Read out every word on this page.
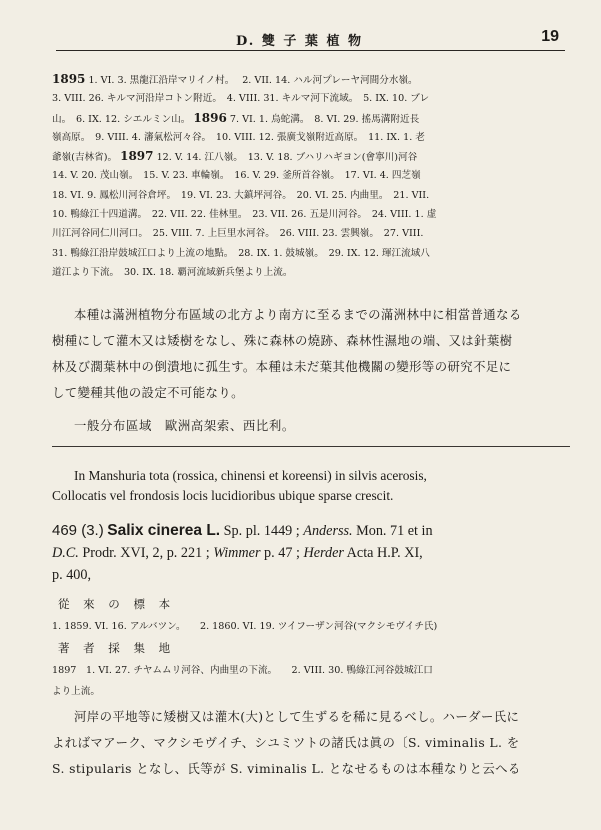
D. 雙 子 葉 植 物	19
1895 1. VI. 3. 黒龍江沿岸マリイノ村。　 2. VII. 14. ハル河プレーヤ河間分水嶺。
3. VIII. 26. キルマ河沿岸コトン附近。　4. VIII. 31. キルマ河下流域。　5. IX. 10. ブレ
山。　6. IX. 12. シエルミン山。 1896 7. VI. 1. 烏蛇溝。　8. VI. 29. 搖馬溝附近長
嶺高原。　9. VIII. 4. 瀋氣松河々谷。　10. VIII. 12. 張廣戈嶺附近高原。　11. IX. 1. 老
爺嶺(吉林省)。 1897 12. V. 14. 江八嶺。　13. V. 18. ブハリハギヨン(會寧川)河谷
14. V. 20. 茂山嶺。　15. V. 23. 車輪嶺。　16. V. 29. 釜所首谷嶺。　17. VI. 4. 四芝嶺
18. VI. 9. 鳳松川河谷倉坪。　19. VI. 23. 大鎮坪河谷。　20. VI. 25. 内曲里。　21. VII.
10. 鴨綠江十四道溝。　22. VII. 22. 佳林里。　23. VII. 26. 五是川河谷。　24. VIII. 1. 虚
川江河谷同仁川河口。　25. VIII. 7. 上巨里水河谷。　26. VIII. 23. 雲興嶺。　27. VIII.
31. 鴨綠江沿岸鼓城江口より上流の地點。　28. IX. 1. 鼓城嶺。　29. IX. 12. 琿江流域八
道江より下流。　30. IX. 18. 覇河流域新兵堡より上流。
本種は滿洲植物分布區域の北方より南方に至るまでの滿洲林中に相當普通なる
樹種にして灌木又は矮樹をなし、殊に森林の燒跡、森林性濕地の端、又は針葉樹
林及び濶葉林中の倒潰地に孤生す。本種は未だ葉其他機關の變形等の研究不足に
して變種其他の設定不可能なり。
一般分布區域　歐洲高架索、西比利。
In Manshuria tota (rossica, chinensi et koreensi) in silvis acerosis,
Collocatis vel frondosis locis lucidioribus ubique sparse crescit.
469 (3.) Salix cinerea L. Sp. pl. 1449 ; Anderss. Mon. 71 et in
D.C. Prodr. XVI, 2, p. 221 ; Wimmer p. 47 ; Herder Acta H.P. XI,
p. 400,
從 來 の 標 本
1. 1859. VI. 16. アルバツン。　　2. 1860. VI. 19. ツイフーザン河谷(マクシモヴイチ氏)
著 者 採 集 地
1897　1. VI. 27. チヤムムリ河谷、内曲里の下流。　　2. VIII. 30. 鴨綠江河谷鼓城江口
より上流。
河岸の平地等に矮樹又は灌木(大)として生ずるを稀に見るべし。ハーダー氏に
よればマアーク、マクシモヴイチ、シユミツトの諸氏は眞の〔S. viminalis L. を
S. stipularis となし、氏等が S. viminalis L. となせるものは本種なりと云へる
